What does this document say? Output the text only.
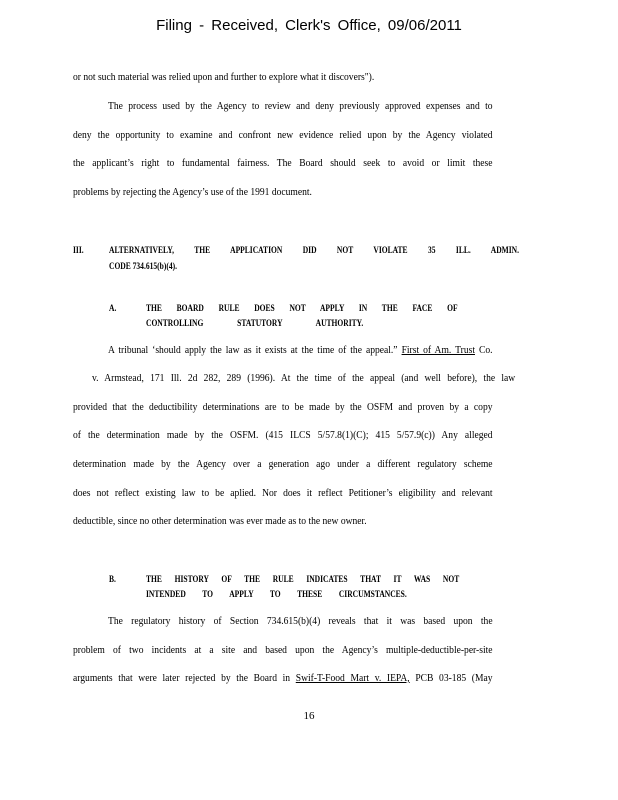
Filing - Received, Clerk's Office, 09/06/2011
or not such material was relied upon and further to explore what it discovers").
The process used by the Agency to review and deny previously approved expenses and to
deny the opportunity to examine and confront new evidence relied upon by the Agency violated
the applicant’s right to fundamental fairness. The Board should seek to avoid or limit these
problems by rejecting the Agency’s use of the 1991 document.
III.	ALTERNATIVELY, THE APPLICATION DID NOT VIOLATE 35 ILL. ADMIN.
CODE 734.615(b)(4).
A.	THE BOARD RULE DOES NOT APPLY IN THE FACE OF
CONTROLLING STATUTORY AUTHORITY.
A tribunal ‘should apply the law as it exists at the time of the appeal.” First of Am. Trust Co.
v. Armstead, 171 Ill. 2d 282, 289 (1996). At the time of the appeal (and well before), the law
provided that the deductibility determinations are to be made by the OSFM and proven by a copy
of the determination made by the OSFM. (415 ILCS 5/57.8(1)(C); 415 5/57.9(c)) Any alleged
determination made by the Agency over a generation ago under a different regulatory scheme
does not reflect existing law to be aplied. Nor does it reflect Petitioner’s eligibility and relevant
deductible, since no other determination was ever made as to the new owner.
B.	THE HISTORY OF THE RULE INDICATES THAT IT WAS NOT
INTENDED TO APPLY TO THESE CIRCUMSTANCES.
The regulatory history of Section 734.615(b)(4) reveals that it was based upon the
problem of two incidents at a site and based upon the Agency’s multiple-deductible-per-site
arguments that were later rejected by the Board in Swif-T-Food Mart v. IEPA, PCB 03-185 (May
16
